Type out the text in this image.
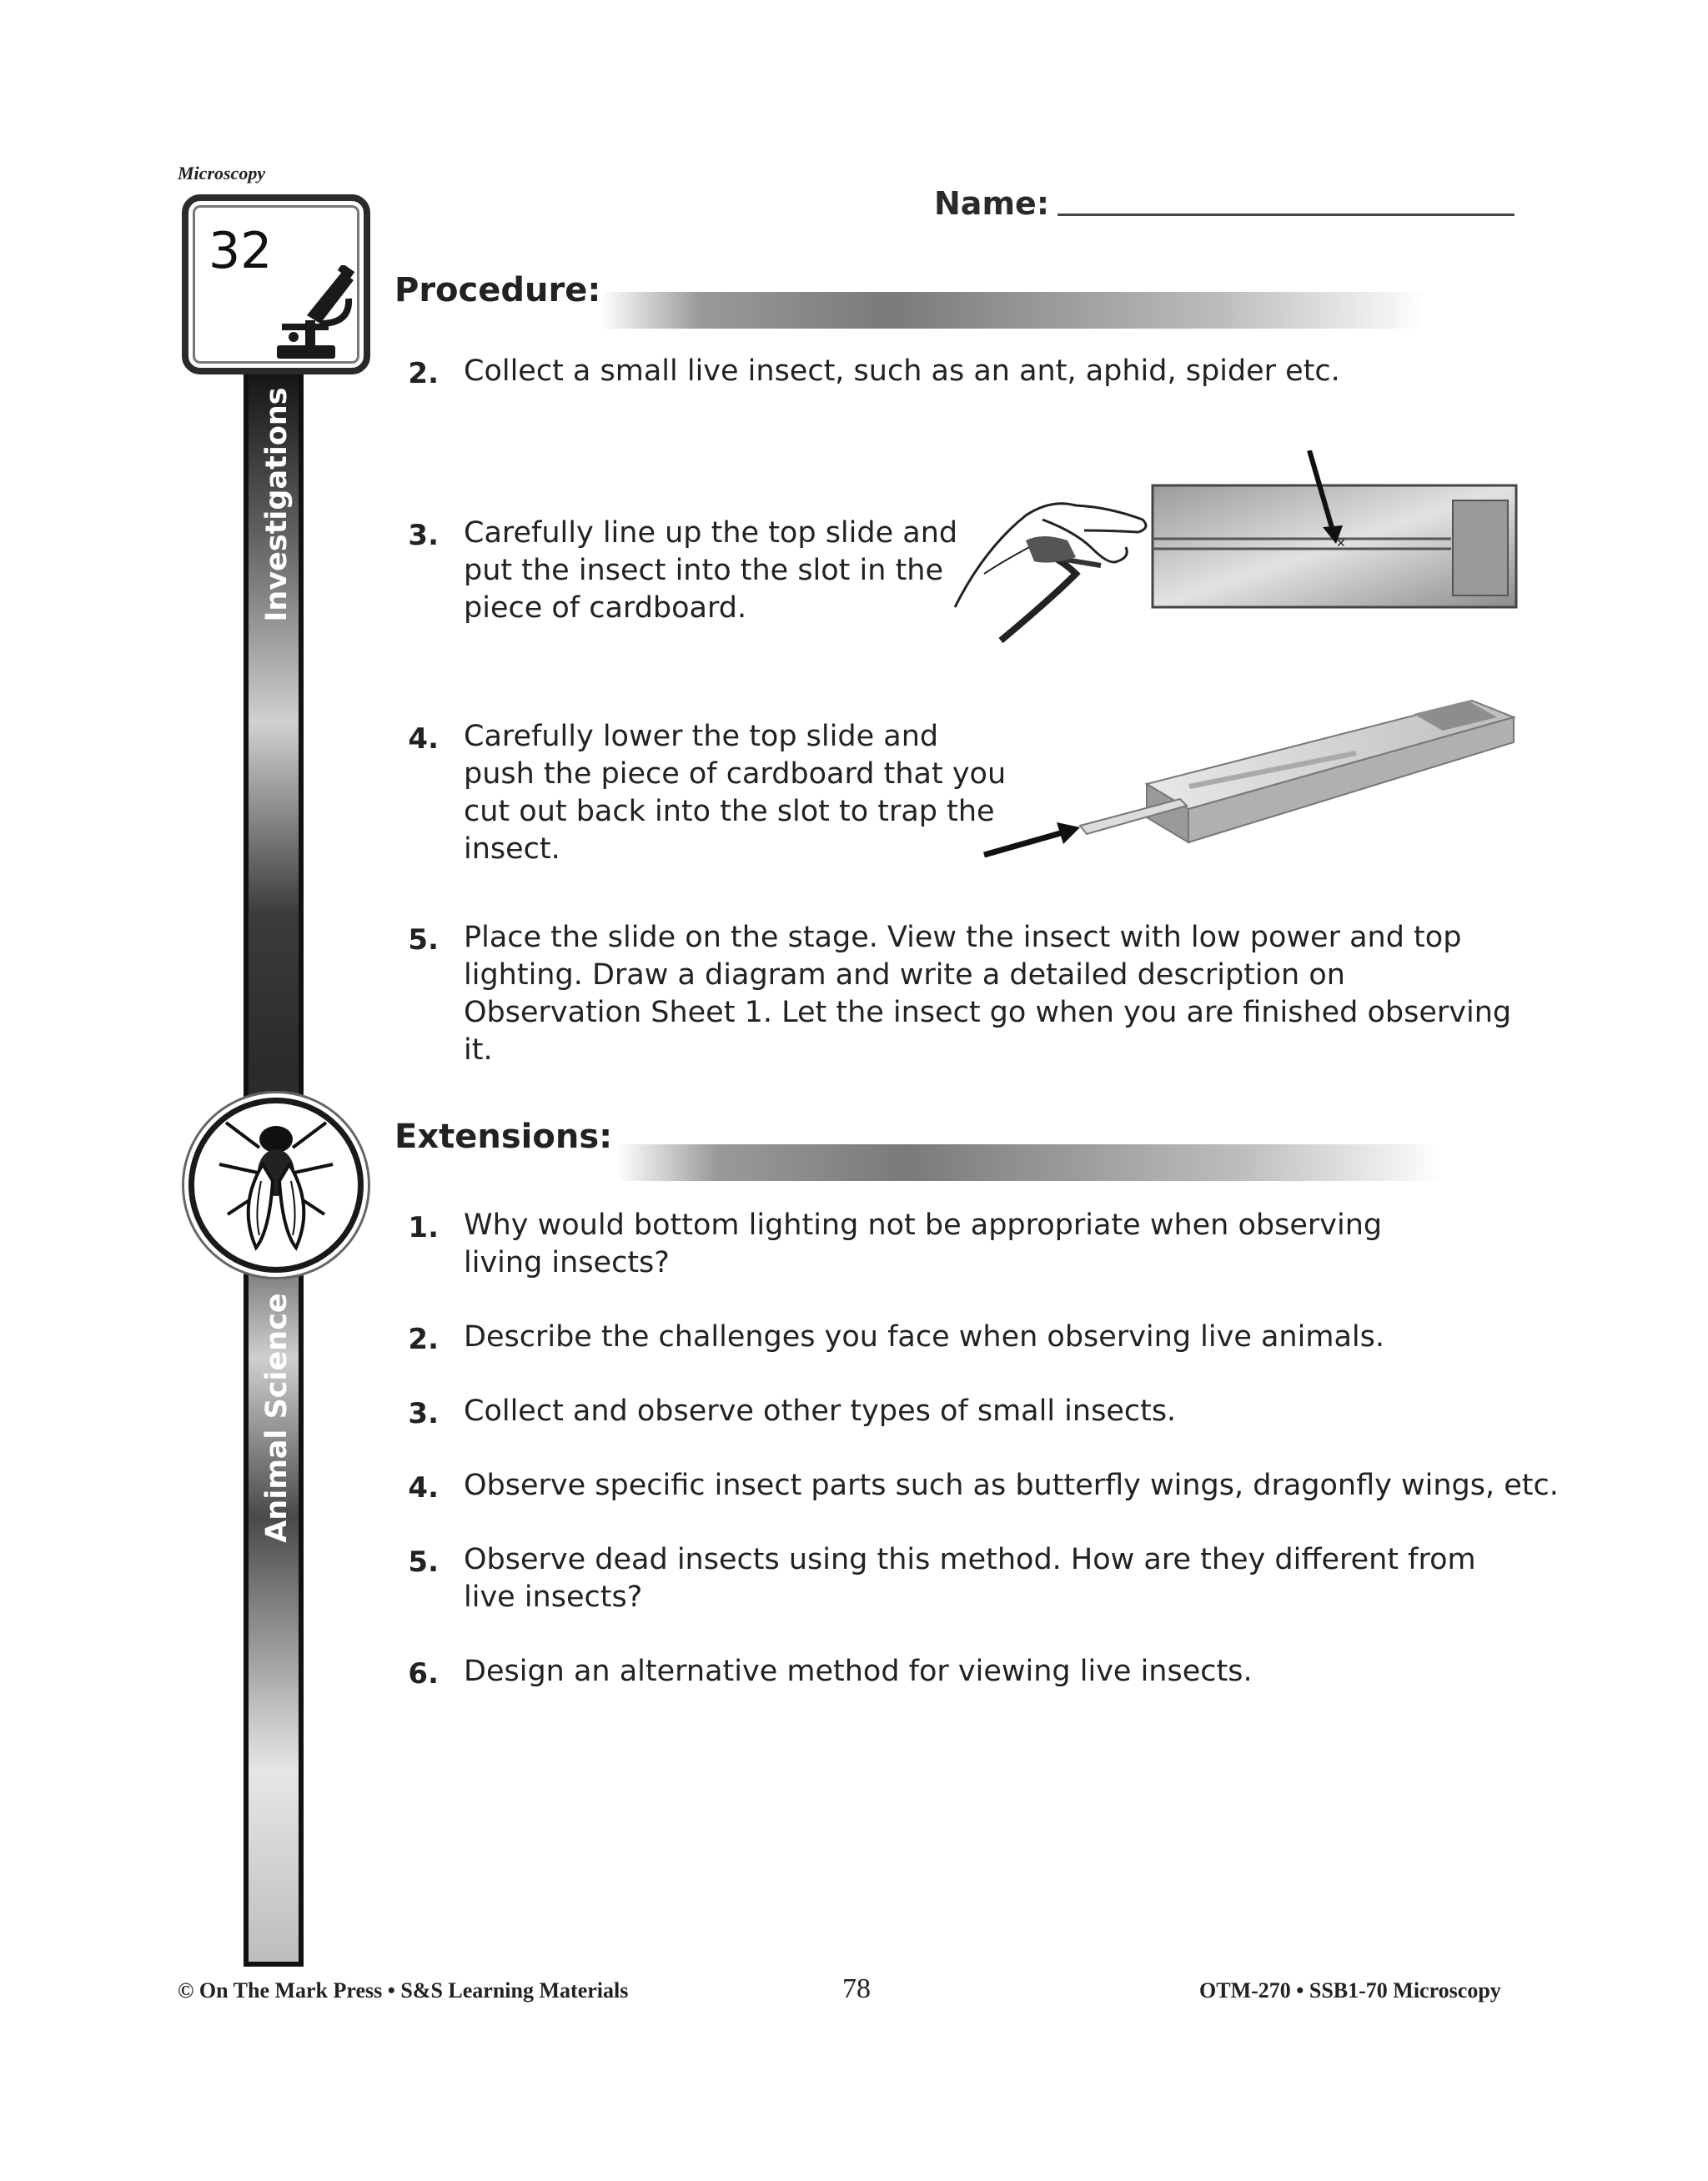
Microscopy
Name:
32
Investigations
Animal Science
Procedure:
2. Collect a small live insect, such as an ant, aphid, spider etc.
3. Carefully line up the top slide and put the insect into the slot in the piece of cardboard.
4. Carefully lower the top slide and push the piece of cardboard that you cut out back into the slot to trap the insect.
5. Place the slide on the stage. View the insect with low power and top lighting. Draw a diagram and write a detailed description on Observation Sheet 1. Let the insect go when you are finished observing it.
✕
Extensions:
1. Why would bottom lighting not be appropriate when observing living insects?
2. Describe the challenges you face when observing live animals.
3. Collect and observe other types of small insects.
4. Observe specific insect parts such as butterfly wings, dragonfly wings, etc.
5. Observe dead insects using this method. How are they different from live insects?
6. Design an alternative method for viewing live insects.
© On The Mark Press • S&S Learning Materials	78	OTM-270 • SSB1-70 Microscopy
